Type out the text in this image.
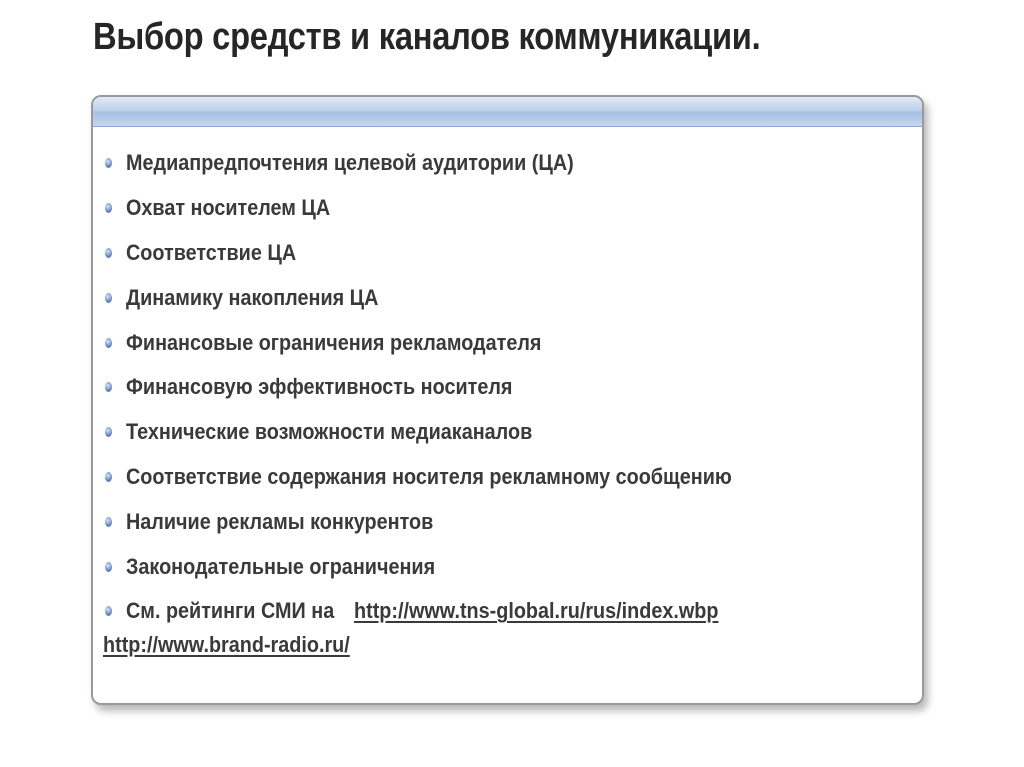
Выбор средств и каналов коммуникации.
Медиапредпочтения целевой аудитории (ЦА)
Охват носителем ЦА
Соответствие ЦА
Динамику накопления ЦА
Финансовые ограничения рекламодателя
Финансовую эффективность носителя
Технические возможности медиаканалов
Соответствие содержания носителя рекламному сообщению
Наличие рекламы конкурентов
Законодательные ограничения
См. рейтинги СМИ на http://www.tns-global.ru/rus/index.wbp
http://www.brand-radio.ru/
